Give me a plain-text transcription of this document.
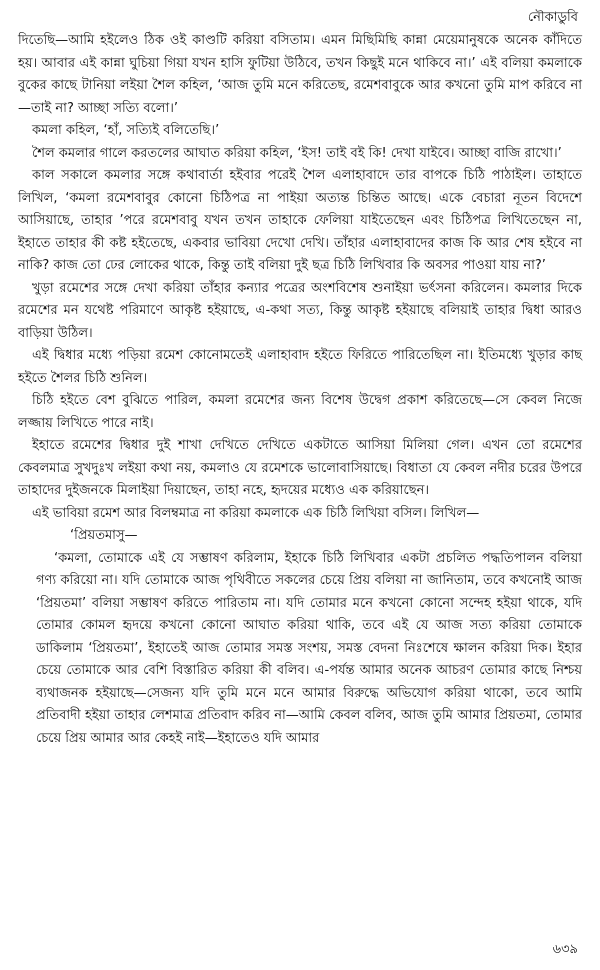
নৌকাডুবি

দিতেছি—আমি হইলেও ঠিক ওই কাণ্ডটি করিয়া বসিতাম। এমন মিছিমিছি কান্না মেয়েমানুষকে অনেক কাঁদিতে হয়। আবার এই কান্না ঘুচিয়া গিয়া যখন হাসি ফুটিয়া উঠিবে, তখন কিছুই মনে থাকিবে না।’ এই বলিয়া কমলাকে বুকের কাছে টানিয়া লইয়া শৈল কহিল, ‘আজ তুমি মনে করিতেছ, রমেশবাবুকে আর কখনো তুমি মাপ করিবে না—তাই না? আচ্ছা সত্যি বলো।’

কমলা কহিল, ‘হাঁ, সত্যিই বলিতেছি।’

শৈল কমলার গালে করতলের আঘাত করিয়া কহিল, ‘ইস! তাই বই কি! দেখা যাইবে। আচ্ছা বাজি রাখো।’

কাল সকালে কমলার সঙ্গে কথাবার্তা হইবার পরেই শৈল এলাহাবাদে তার বাপকে চিঠি পাঠাইল। তাহাতে লিখিল, ‘কমলা রমেশবাবুর কোনো চিঠিপত্র না পাইয়া অত্যন্ত চিন্তিত আছে। একে বেচারা নূতন বিদেশে আসিয়াছে, তাহার ’পরে রমেশবাবু যখন তখন তাহাকে ফেলিয়া যাইতেছেন এবং চিঠিপত্র লিখিতেছেন না, ইহাতে তাহার কী কষ্ট হইতেছে, একবার ভাবিয়া দেখো দেখি। তাঁহার এলাহাবাদের কাজ কি আর শেষ হইবে না নাকি? কাজ তো ঢের লোকের থাকে, কিন্তু তাই বলিয়া দুই ছত্র চিঠি লিখিবার কি অবসর পাওয়া যায় না?’

খুড়া রমেশের সঙ্গে দেখা করিয়া তাঁহার কন্যার পত্রের অংশবিশেষ শুনাইয়া ভর্ৎসনা করিলেন। কমলার দিকে রমেশের মন যথেষ্ট পরিমাণে আকৃষ্ট হইয়াছে, এ-কথা সত্য, কিন্তু আকৃষ্ট হইয়াছে বলিয়াই তাহার দ্বিধা আরও বাড়িয়া উঠিল।

এই দ্বিধার মধ্যে পড়িয়া রমেশ কোনোমতেই এলাহাবাদ হইতে ফিরিতে পারিতেছিল না। ইতিমধ্যে খুড়ার কাছ হইতে শৈলর চিঠি শুনিল।

চিঠি হইতে বেশ বুঝিতে পারিল, কমলা রমেশের জন্য বিশেষ উদ্বেগ প্রকাশ করিতেছে—সে কেবল নিজে লজ্জায় লিখিতে পারে নাই।

ইহাতে রমেশের দ্বিধার দুই শাখা দেখিতে দেখিতে একটাতে আসিয়া মিলিয়া গেল। এখন তো রমেশের কেবলমাত্র সুখদুঃখ লইয়া কথা নয়, কমলাও যে রমেশকে ভালোবাসিয়াছে। বিধাতা যে কেবল নদীর চরের উপরে তাহাদের দুইজনকে মিলাইয়া দিয়াছেন, তাহা নহে, হৃদয়ের মধ্যেও এক করিয়াছেন।

এই ভাবিয়া রমেশ আর বিলম্বমাত্র না করিয়া কমলাকে এক চিঠি লিখিয়া বসিল। লিখিল—

‘প্রিয়তমাসু—

‘কমলা, তোমাকে এই যে সম্ভাষণ করিলাম, ইহাকে চিঠি লিখিবার একটা প্রচলিত পদ্ধতিপালন বলিয়া গণ্য করিয়ো না। যদি তোমাকে আজ পৃথিবীতে সকলের চেয়ে প্রিয় বলিয়া না জানিতাম, তবে কখনোই আজ ‘প্রিয়তমা’ বলিয়া সম্ভাষণ করিতে পারিতাম না। যদি তোমার মনে কখনো কোনো সন্দেহ হইয়া থাকে, যদি তোমার কোমল হৃদয়ে কখনো কোনো আঘাত করিয়া থাকি, তবে এই যে আজ সত্য করিয়া তোমাকে ডাকিলাম ‘প্রিয়তমা’, ইহাতেই আজ তোমার সমস্ত সংশয়, সমস্ত বেদনা নিঃশেষে ক্ষালন করিয়া দিক। ইহার চেয়ে তোমাকে আর বেশি বিস্তারিত করিয়া কী বলিব। এ-পর্যন্ত আমার অনেক আচরণ তোমার কাছে নিশ্চয় ব্যথাজনক হইয়াছে—সেজন্য যদি তুমি মনে মনে আমার বিরুদ্ধে অভিযোগ করিয়া থাকো, তবে আমি প্রতিবাদী হইয়া তাহার লেশমাত্র প্রতিবাদ করিব না—আমি কেবল বলিব, আজ তুমি আমার প্রিয়তমা, তোমার চেয়ে প্রিয় আমার আর কেহই নাই—ইহাতেও যদি আমার

৬৩৯
